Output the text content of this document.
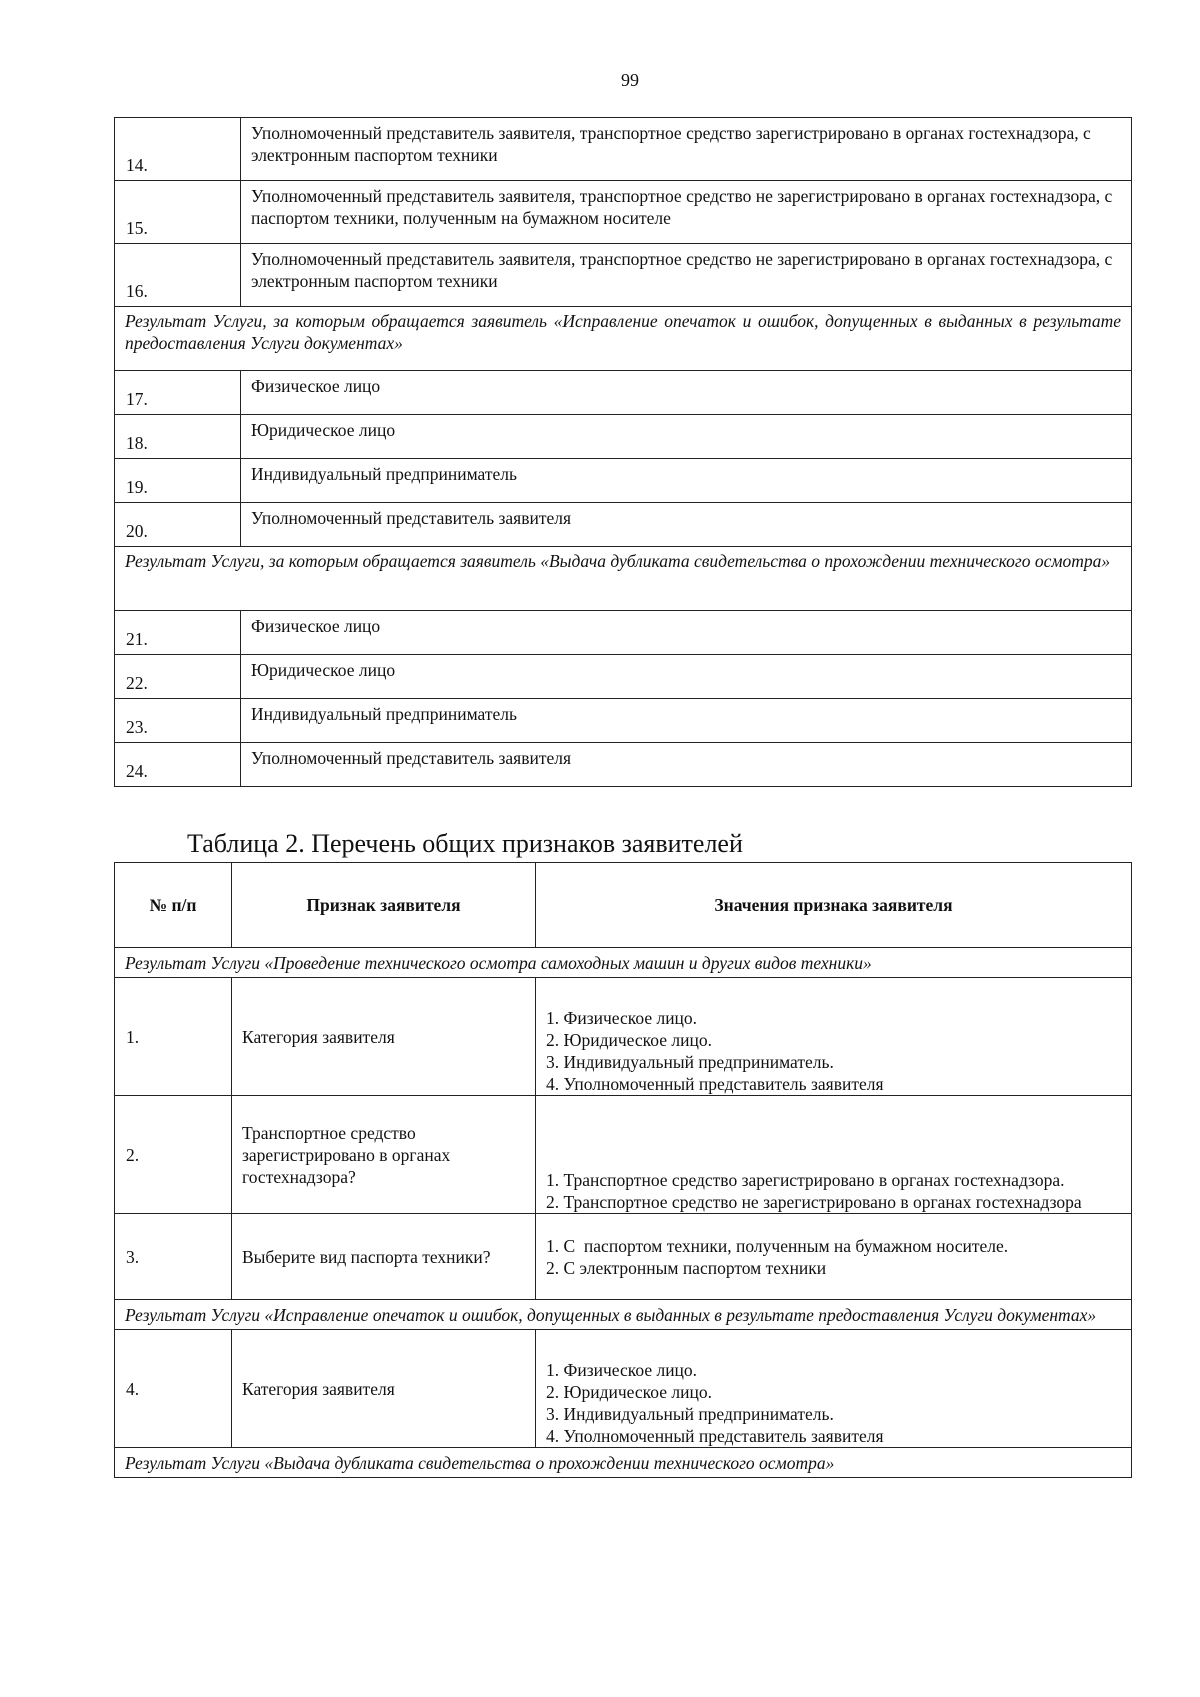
99
14.	Уполномоченный представитель заявителя, транспортное средство зарегистрировано в органах гостехнадзора, с электронным паспортом техники
15.	Уполномоченный представитель заявителя, транспортное средство не зарегистрировано в органах гостехнадзора, с паспортом техники, полученным на бумажном носителе
16.	Уполномоченный представитель заявителя, транспортное средство не зарегистрировано в органах гостехнадзора, с электронным паспортом техники
Результат Услуги, за которым обращается заявитель «Исправление опечаток и ошибок, допущенных в выданных в результате предоставления Услуги документах»	
17.	Физическое лицо
18.	Юридическое лицо
19.	Индивидуальный предприниматель
20.	Уполномоченный представитель заявителя
Результат Услуги, за которым обращается заявитель «Выдача дубликата свидетельства о прохождении технического осмотра»	
21.	Физическое лицо
22.	Юридическое лицо
23.	Индивидуальный предприниматель
24.	Уполномоченный представитель заявителя
Таблица 2. Перечень общих признаков заявителей
№ п/п	Признак заявителя	Значения признака заявителя
Результат Услуги «Проведение технического осмотра самоходных машин и других видов техники»		
1.	Категория заявителя	1. Физическое лицо.
2. Юридическое лицо.
3. Индивидуальный предприниматель.
4. Уполномоченный представитель заявителя

2.	Транспортное средство зарегистрировано в органах гостехнадзора?	1. Транспортное средство зарегистрировано в органах гостехнадзора.
2. Транспортное средство не зарегистрировано в органах гостехнадзора

3.	Выберите вид паспорта техники?	1. С  паспортом техники, полученным на бумажном носителе.
2. С электронным паспортом техники

Результат Услуги «Исправление опечаток и ошибок, допущенных в выданных в результате предоставления Услуги документах»		
4.	Категория заявителя	1. Физическое лицо.
2. Юридическое лицо.
3. Индивидуальный предприниматель.
4. Уполномоченный представитель заявителя

Результат Услуги «Выдача дубликата свидетельства о прохождении технического осмотра»		
